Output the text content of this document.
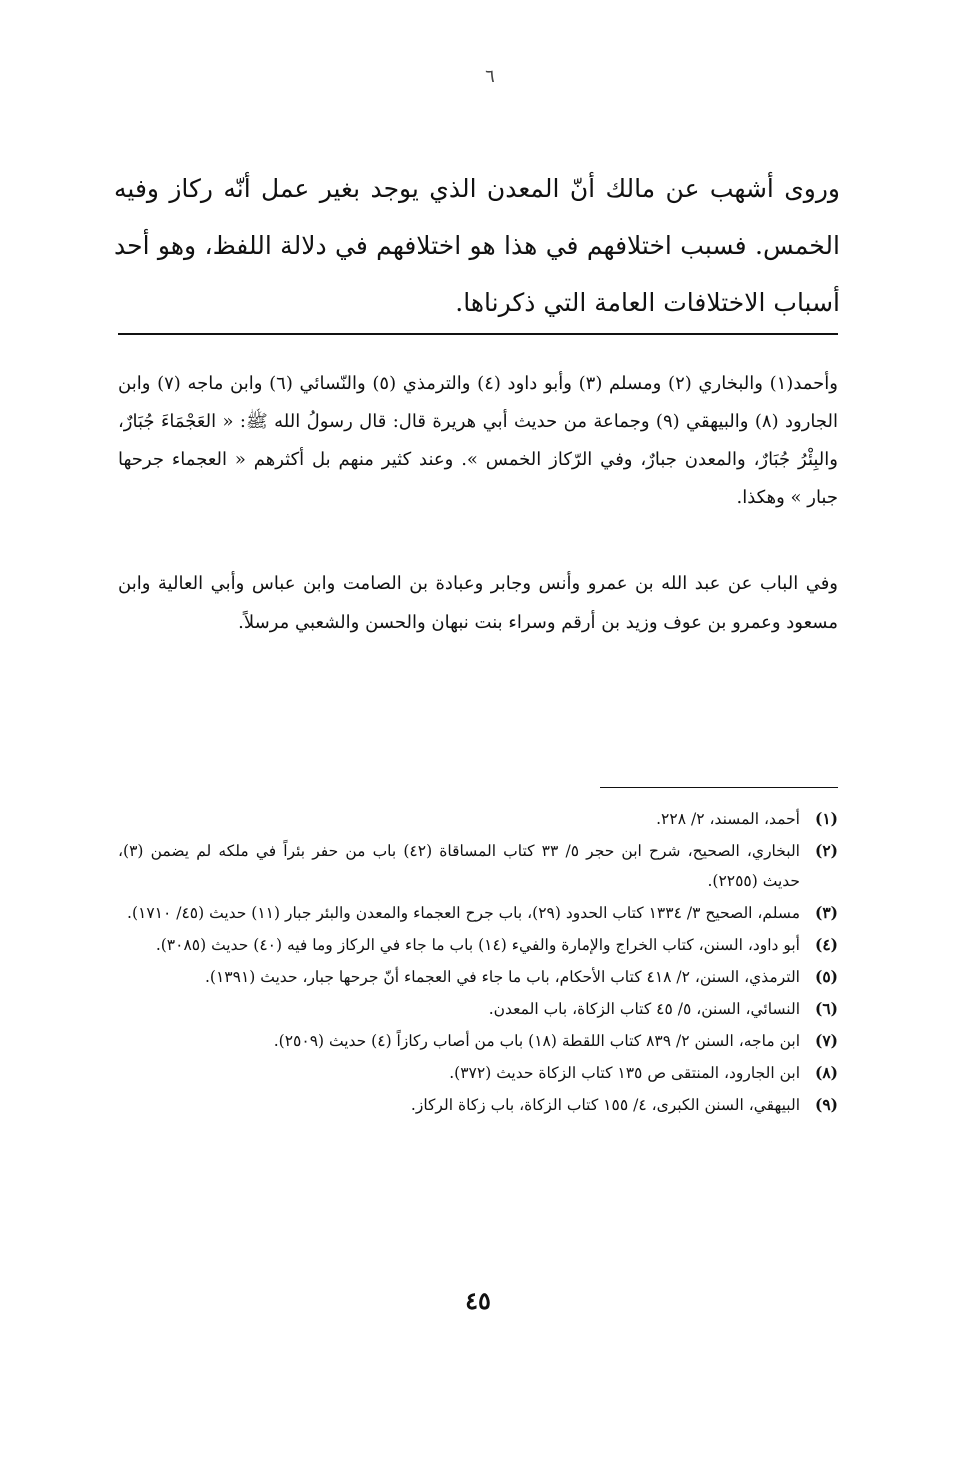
٦

وروى أشهب عن مالك أنّ المعدن الذي يوجد بغير عمل أنّه ركاز وفيه الخمس. فسبب اختلافهم في هذا هو اختلافهم في دلالة اللفظ، وهو أحد أسباب الاختلافات العامة التي ذكرناها.

وأحمد(١) والبخاري (٢) ومسلم (٣) وأبو داود (٤) والترمذي (٥) والنّسائي (٦) وابن ماجه (٧) وابن الجارود (٨) والبيهقي (٩) وجماعة من حديث أبي هريرة قال: قال رسولُ الله ﷺ: « العَجْمَاءَ جُبَارٌ، والبِئْرُ جُبَارٌ، والمعدن جبارٌ، وفي الرّكاز الخمس ». وعند كثير منهم بل أكثرهم « العجماء جرحها جبار » وهكذا.

وفي الباب عن عبد الله بن عمرو وأنس وجابر وعبادة بن الصامت وابن عباس وأبي العالية وابن مسعود وعمرو بن عوف وزيد بن أرقم وسراء بنت نبهان والحسن والشعبي مرسلاً.

(١)
أحمد، المسند، ٢/ ٢٢٨.
(٢)
البخاري، الصحيح، شرح ابن حجر ٥/ ٣٣ كتاب المساقاة (٤٢) باب من حفر بئراً في ملكه لم يضمن (٣)، حديث (٢٢٥٥).
(٣)
مسلم، الصحيح ٣/ ١٣٣٤ كتاب الحدود (٢٩)، باب جرح العجماء والمعدن والبئر جبار (١١) حديث (٤٥/ ١٧١٠).
(٤)
أبو داود، السنن، كتاب الخراج والإمارة والفيء (١٤) باب ما جاء في الركاز وما فيه (٤٠) حديث (٣٠٨٥).
(٥)
الترمذي، السنن، ٢/ ٤١٨ كتاب الأحكام، باب ما جاء في العجماء أنّ جرحها جبار، حديث (١٣٩١).
(٦)
النسائي، السنن، ٥/ ٤٥ كتاب الزكاة، باب المعدن.
(٧)
ابن ماجه، السنن ٢/ ٨٣٩ كتاب اللقطة (١٨) باب من أصاب ركازاً (٤) حديث (٢٥٠٩).
(٨)
ابن الجارود، المنتقى ص ١٣٥ كتاب الزكاة حديث (٣٧٢).
(٩)
البيهقي، السنن الكبرى، ٤/ ١٥٥ كتاب الزكاة، باب زكاة الركاز.
٤٥
